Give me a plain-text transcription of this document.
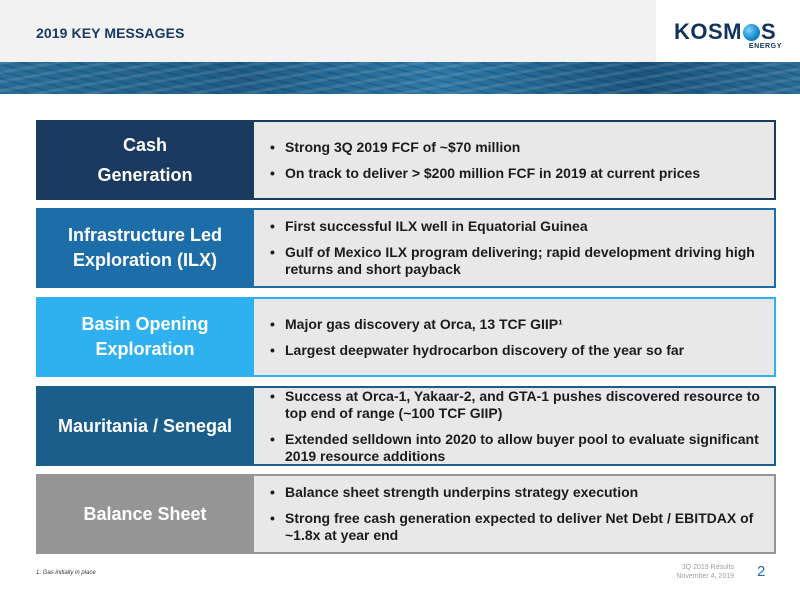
2019 KEY MESSAGES	KOSM S
ENERGY
Cash
Generation
• Strong 3Q 2019 FCF of ~$70 million
• On track to deliver > $200 million FCF in 2019 at current prices
Infrastructure Led
Exploration (ILX)
• First successful ILX well in Equatorial Guinea
• Gulf of Mexico ILX program delivering; rapid development driving high returns and short payback
Basin Opening
Exploration
• Major gas discovery at Orca, 13 TCF GIIP¹
• Largest deepwater hydrocarbon discovery of the year so far
Mauritania / Senegal
• Success at Orca-1, Yakaar-2, and GTA-1 pushes discovered resource to top end of range (~100 TCF GIIP)
• Extended selldown into 2020 to allow buyer pool to evaluate significant 2019 resource additions
Balance Sheet
• Balance sheet strength underpins strategy execution
• Strong free cash generation expected to deliver Net Debt / EBITDAX of ~1.8x at year end
1. Gas initially in place
3Q 2019 Results
November 4, 2019 2
